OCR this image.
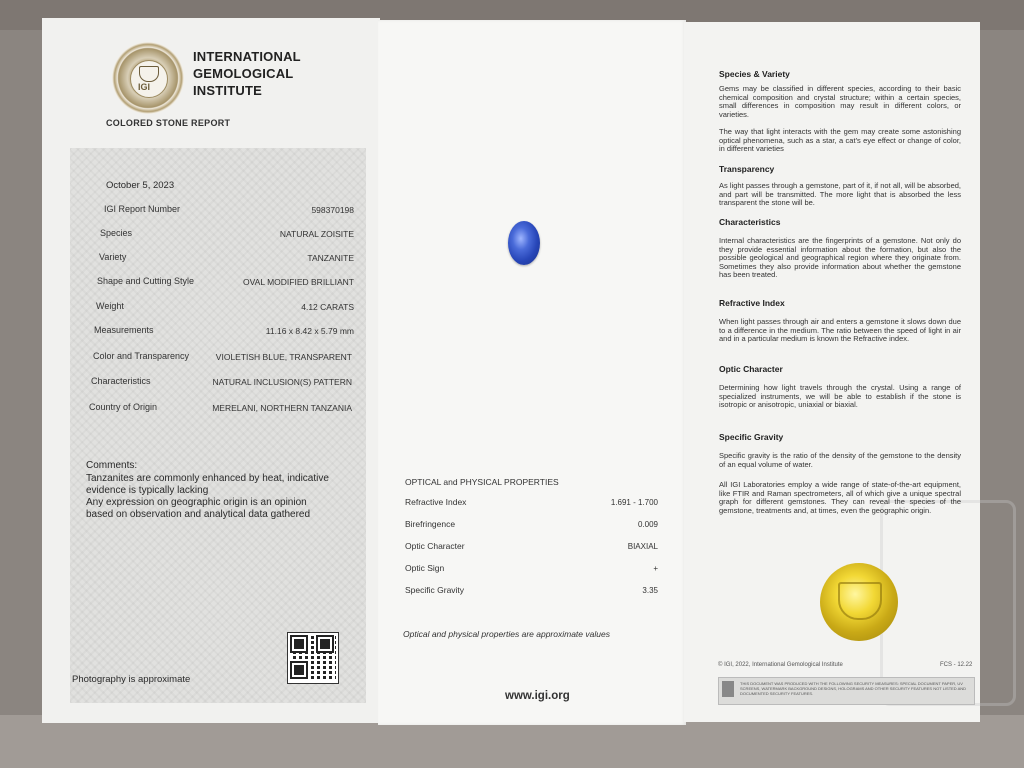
IGI
INTERNATIONAL
GEMOLOGICAL
INSTITUTE
COLORED STONE REPORT
October 5, 2023
IGI Report Number	598370198
Species	NATURAL ZOISITE
Variety	TANZANITE
Shape and Cutting Style	OVAL MODIFIED BRILLIANT
Weight	4.12 CARATS
Measurements	11.16 x 8.42 x 5.79 mm
Color and Transparency	VIOLETISH BLUE, TRANSPARENT
Characteristics	NATURAL INCLUSION(S) PATTERN
Country of Origin	MERELANI, NORTHERN TANZANIA
Comments:
Tanzanites are commonly enhanced by heat, indicative
evidence is typically lacking
Any expression on geographic origin is an opinion
based on observation and analytical data gathered
Photography is approximate
OPTICAL and PHYSICAL PROPERTIES
Refractive Index	1.691 - 1.700
Birefringence	0.009
Optic Character	BIAXIAL
Optic Sign	+
Specific Gravity	3.35
Optical and physical properties are approximate values
www.igi.org
Species & Variety
Gems may be classified in different species, according to their basic chemical composition and crystal structure; within a certain species, small differences in composition may result in different colors, or varieties.
The way that light interacts with the gem may create some astonishing optical phenomena, such as a star, a cat's eye effect or change of color, in different varieties
Transparency
As light passes through a gemstone, part of it, if not all, will be absorbed, and part will be transmitted. The more light that is absorbed the less transparent the stone will be.
Characteristics
Internal characteristics are the fingerprints of a gemstone. Not only do they provide essential information about the formation, but also the possible geological and geographical region where they originate from. Sometimes they also provide information about whether the gemstone has been treated.
Refractive Index
When light passes through air and enters a gemstone it slows down due to a difference in the medium. The ratio between the speed of light in air and in a particular medium is known the Refractive index.
Optic Character
Determining how light travels through the crystal. Using a range of specialized instruments, we will be able to establish if the stone is isotropic or anisotropic, uniaxial or biaxial.
Specific Gravity
Specific gravity is the ratio of the density of the gemstone to the density of an equal volume of water.
All IGI Laboratories employ a wide range of state-of-the-art equipment, like FTIR and Raman spectrometers, all of which give a unique spectral graph for different gemstones. They can reveal the species of the gemstone, treatments and, at times, even the geographic origin.
© IGI, 2022, International Gemological Institute	FCS - 12.22
THIS DOCUMENT WAS PRODUCED WITH THE FOLLOWING SECURITY MEASURES: SPECIAL DOCUMENT PAPER, UV SCREENS, WATERMARK BACKGROUND DESIGNS, HOLOGRAMS AND OTHER SECURITY FEATURES NOT LISTED AND DOCUMENTED SECURITY FEATURES.
